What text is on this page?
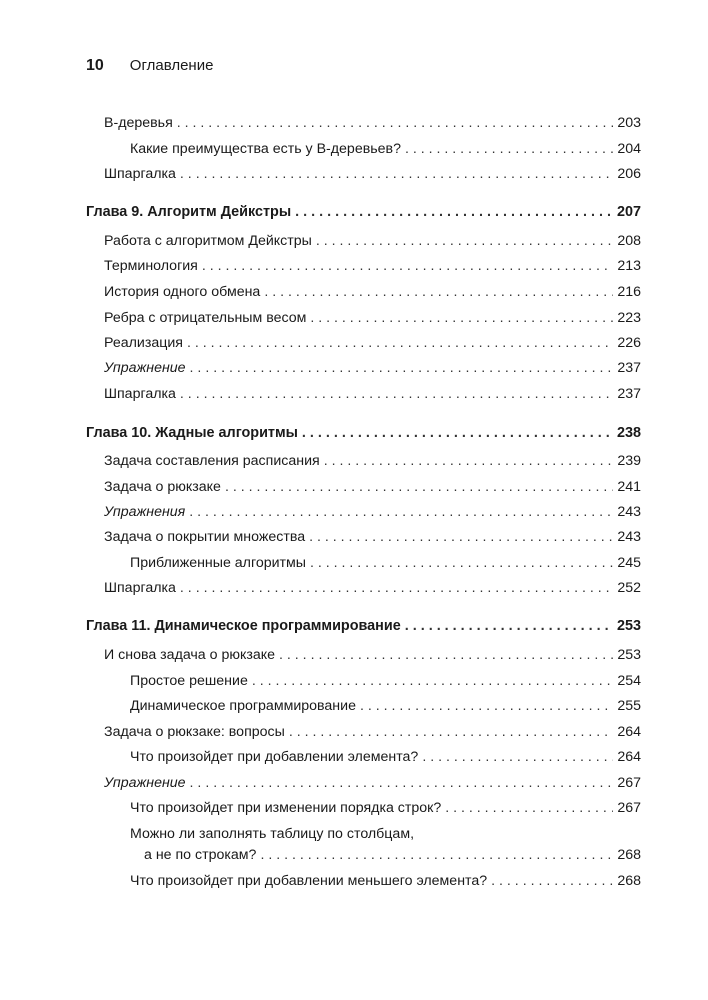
10 Оглавление
В-деревья . . .	203
Какие преимущества есть у В-деревьев? . . .	204
Шпаргалка . . .	206
Глава 9. Алгоритм Дейкстры . . .	207
Работа с алгоритмом Дейкстры . . .	208
Терминология . . .	213
История одного обмена . . .	216
Ребра с отрицательным весом . . .	223
Реализация . . .	226
Упражнение . . .	237
Шпаргалка . . .	237
Глава 10. Жадные алгоритмы . . .	238
Задача составления расписания . . .	239
Задача о рюкзаке . . .	241
Упражнения . . .	243
Задача о покрытии множества . . .	243
Приближенные алгоритмы . . .	245
Шпаргалка . . .	252
Глава 11. Динамическое программирование . . .	253
И снова задача о рюкзаке . . .	253
Простое решение . . .	254
Динамическое программирование . . .	255
Задача о рюкзаке: вопросы . . .	264
Что произойдет при добавлении элемента? . . .	264
Упражнение . . .	267
Что произойдет при изменении порядка строк? . . .	267
Можно ли заполнять таблицу по столбцам,
а не по строкам? . . .	268
Что произойдет при добавлении меньшего элемента? . . .	268
